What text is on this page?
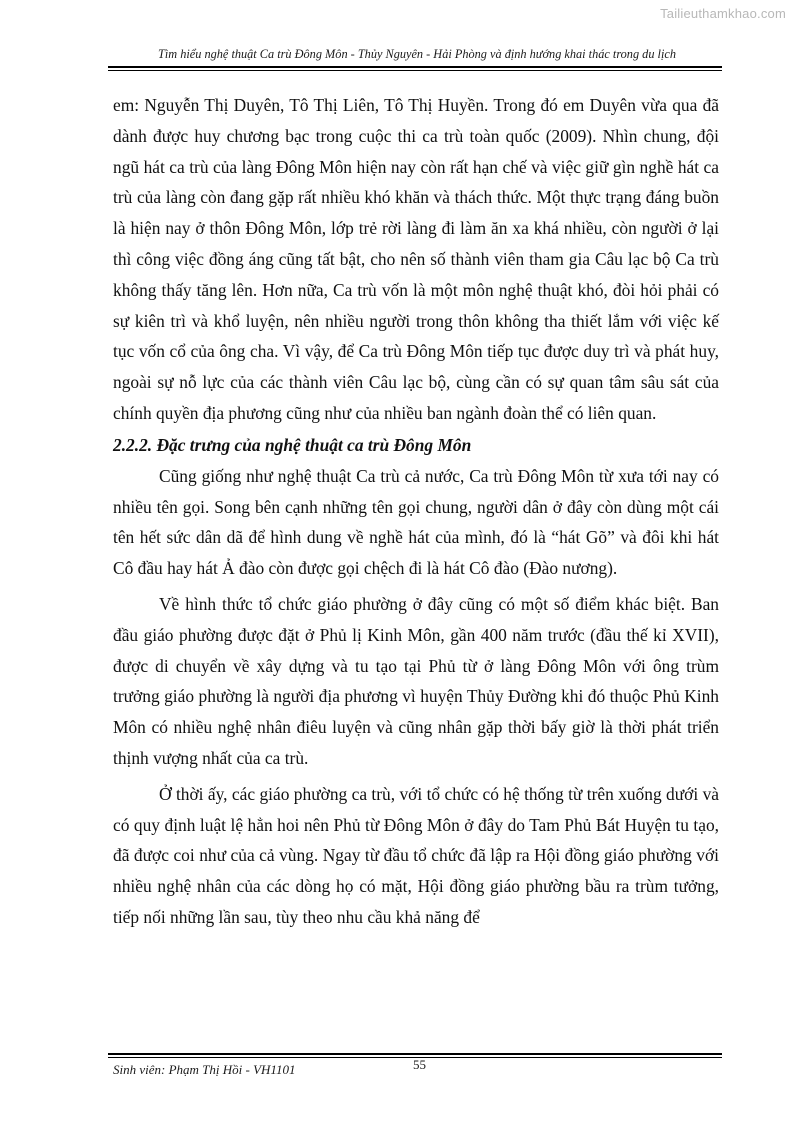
Tailieuthamkhao.com
Tìm hiểu nghệ thuật Ca trù Đông Môn - Thủy Nguyên - Hải Phòng và định hướng khai thác trong du lịch

em: Nguyễn Thị Duyên, Tô Thị Liên, Tô Thị Huyền. Trong đó em Duyên vừa qua đã dành được huy chương bạc trong cuộc thi ca trù toàn quốc (2009). Nhìn chung, đội ngũ hát ca trù của làng Đông Môn hiện nay còn rất hạn chế và việc giữ gìn nghề hát ca trù của làng còn đang gặp rất nhiều khó khăn và thách thức. Một thực trạng đáng buồn là hiện nay ở thôn Đông Môn, lớp trẻ rời làng đi làm ăn xa khá nhiều, còn người ở lại thì công việc đồng áng cũng tất bật, cho nên số thành viên tham gia Câu lạc bộ Ca trù không thấy tăng lên. Hơn nữa, Ca trù vốn là một môn nghệ thuật khó, đòi hỏi phải có sự kiên trì và khổ luyện, nên nhiều người trong thôn không tha thiết lắm với việc kế tục vốn cổ của ông cha. Vì vậy, để Ca trù Đông Môn tiếp tục được duy trì và phát huy, ngoài sự nỗ lực của các thành viên Câu lạc bộ, cùng cần có sự quan tâm sâu sát của chính quyền địa phương cũng như của nhiều ban ngành đoàn thể có liên quan.

2.2.2. Đặc trưng của nghệ thuật ca trù Đông Môn

Cũng giống như nghệ thuật Ca trù cả nước, Ca trù Đông Môn từ xưa tới nay có nhiều tên gọi. Song bên cạnh những tên gọi chung, người dân ở đây còn dùng một cái tên hết sức dân dã để hình dung về nghề hát của mình, đó là “hát Gõ” và đôi khi hát Cô đầu hay hát Ả đào còn được gọi chệch đi là hát Cô đào (Đào nương).

Về hình thức tổ chức giáo phường ở đây cũng có một số điểm khác biệt. Ban đầu giáo phường được đặt ở Phủ lị Kinh Môn, gần 400 năm trước (đầu thế kỉ XVII), được di chuyển về xây dựng và tu tạo tại Phủ từ ở làng Đông Môn với ông trùm trưởng giáo phường là người địa phương vì huyện Thủy Đường khi đó thuộc Phủ Kinh Môn có nhiều nghệ nhân điêu luyện và cũng nhân gặp thời bấy giờ là thời phát triển thịnh vượng nhất của ca trù.

Ở thời ấy, các giáo phường ca trù, với tổ chức có hệ thống từ trên xuống dưới và có quy định luật lệ hẳn hoi nên Phủ từ Đông Môn ở đây do Tam Phủ Bát Huyện tu tạo, đã được coi như của cả vùng. Ngay từ đầu tổ chức đã lập ra Hội đồng giáo phường với nhiều nghệ nhân của các dòng họ có mặt, Hội đồng giáo phường bầu ra trùm tưởng, tiếp nối những lần sau, tùy theo nhu cầu khả năng để

Sinh viên: Phạm Thị Hồi - VH1101	55
